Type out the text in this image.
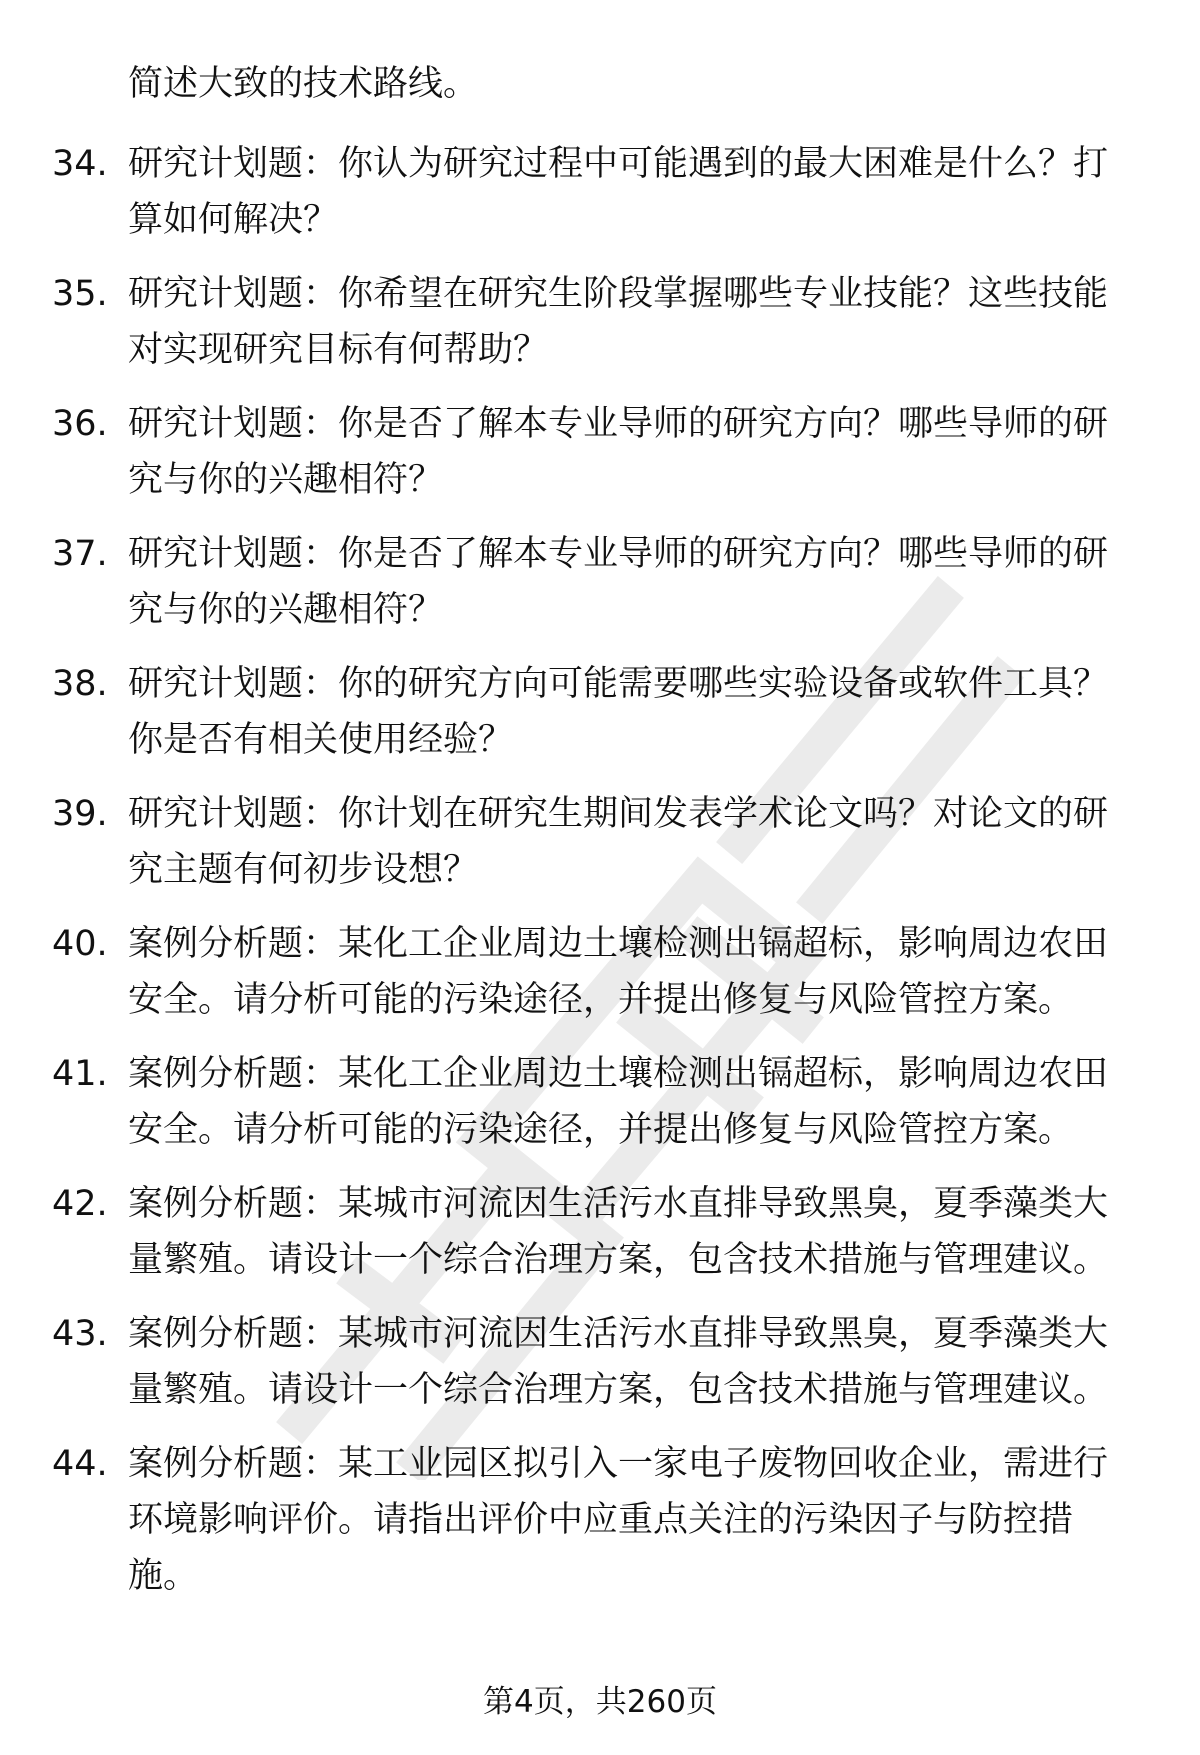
简述大致的技术路线。
34. 研究计划题：你认为研究过程中可能遇到的最大困难是什么？打算如何解决？
35. 研究计划题：你希望在研究生阶段掌握哪些专业技能？这些技能对实现研究目标有何帮助？
36. 研究计划题：你是否了解本专业导师的研究方向？哪些导师的研究与你的兴趣相符？
37. 研究计划题：你是否了解本专业导师的研究方向？哪些导师的研究与你的兴趣相符？
38. 研究计划题：你的研究方向可能需要哪些实验设备或软件工具？你是否有相关使用经验？
39. 研究计划题：你计划在研究生期间发表学术论文吗？对论文的研究主题有何初步设想？
40. 案例分析题：某化工企业周边土壤检测出镉超标，影响周边农田安全。请分析可能的污染途径，并提出修复与风险管控方案。
41. 案例分析题：某化工企业周边土壤检测出镉超标，影响周边农田安全。请分析可能的污染途径，并提出修复与风险管控方案。
42. 案例分析题：某城市河流因生活污水直排导致黑臭，夏季藻类大量繁殖。请设计一个综合治理方案，包含技术措施与管理建议。
43. 案例分析题：某城市河流因生活污水直排导致黑臭，夏季藻类大量繁殖。请设计一个综合治理方案，包含技术措施与管理建议。
44. 案例分析题：某工业园区拟引入一家电子废物回收企业，需进行环境影响评价。请指出评价中应重点关注的污染因子与防控措施。
第4页，共260页
